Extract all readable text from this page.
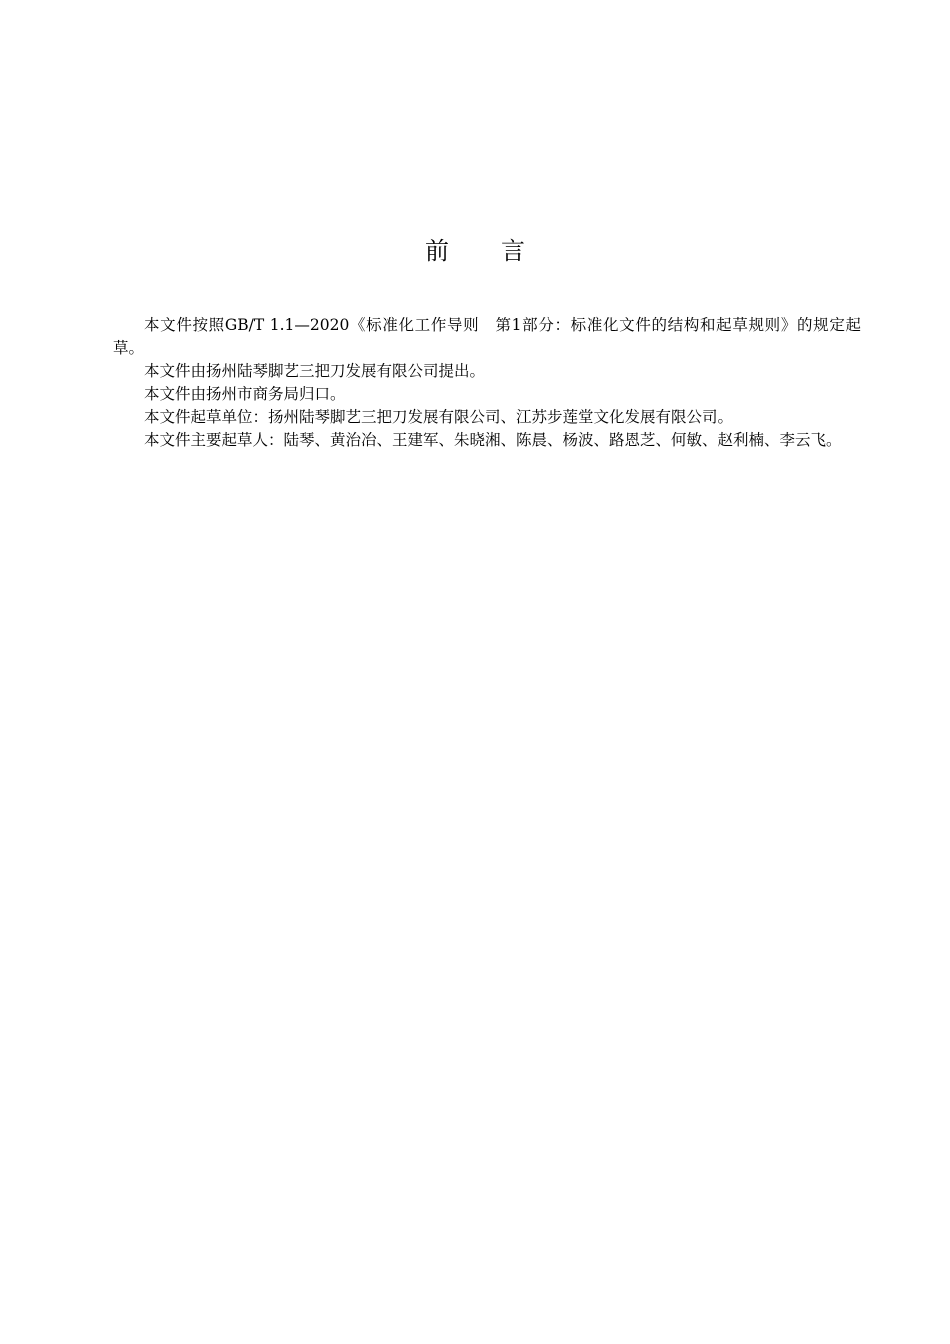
前 言

本文件按照GB/T 1.1—2020《标准化工作导则　第1部分：标准化文件的结构和起草规则》的规定起草。

本文件由扬州陆琴脚艺三把刀发展有限公司提出。

本文件由扬州市商务局归口。

本文件起草单位：扬州陆琴脚艺三把刀发展有限公司、江苏步莲堂文化发展有限公司。

本文件主要起草人：陆琴、黄治冶、王建军、朱晓湘、陈晨、杨波、路恩芝、何敏、赵利楠、李云飞。
